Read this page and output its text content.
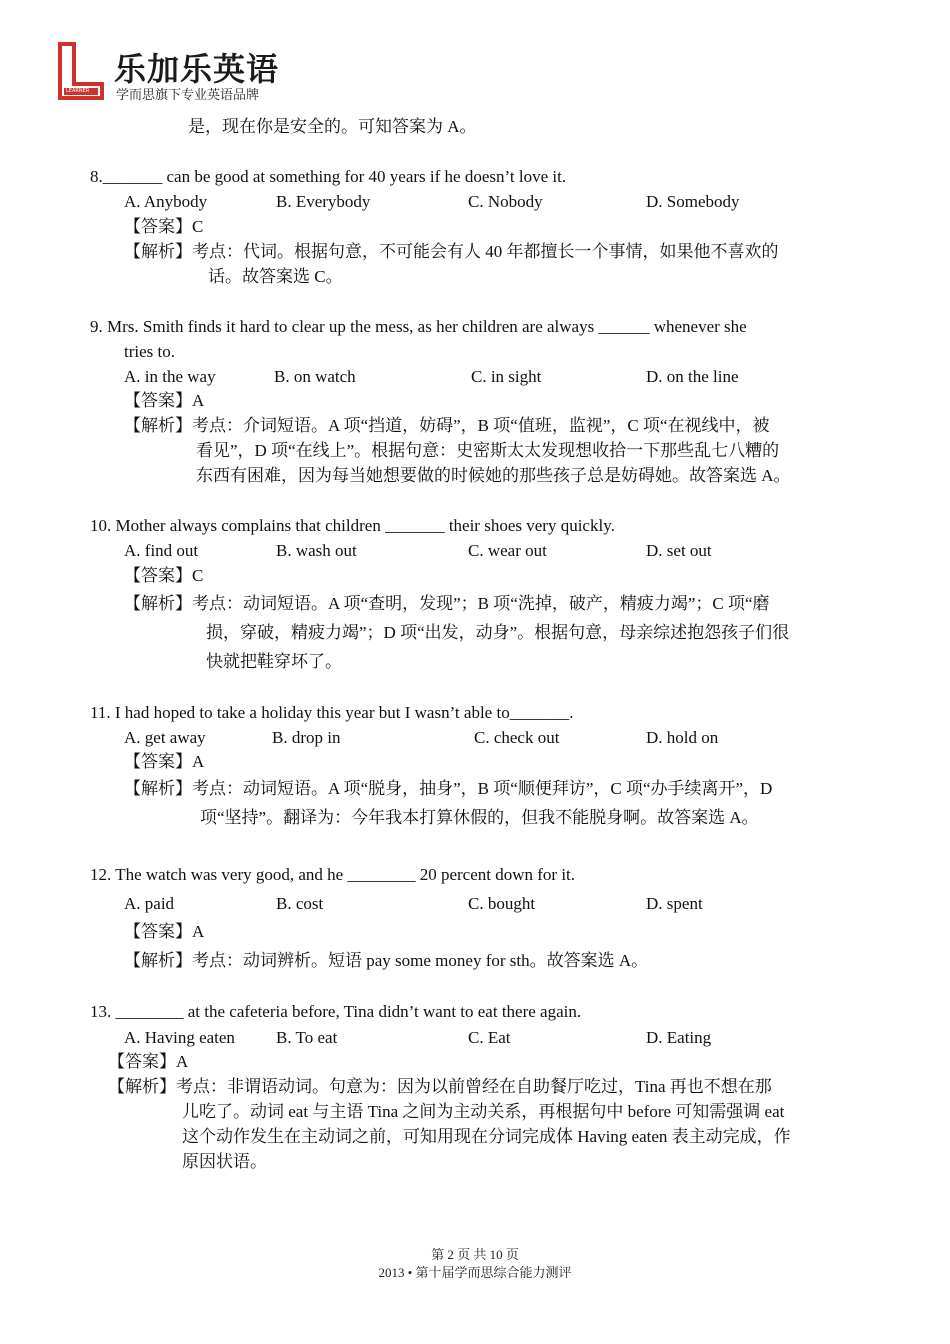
LEARNER
乐加乐英语
学而思旗下专业英语品牌
是，现在你是安全的。可知答案为 A。
8._______ can be good at something for 40 years if he doesn’t love it.
A. Anybody	B. Everybody	C. Nobody	D. Somebody
【答案】C
【解析】考点：代词。根据句意，不可能会有人 40 年都擅长一个事情，如果他不喜欢的
话。故答案选 C。
9. Mrs. Smith finds it hard to clear up the mess, as her children are always ______ whenever she
tries to.
A. in the way	B. on watch	C. in sight	D. on the line
【答案】A
【解析】考点：介词短语。A 项“挡道，妨碍”，B 项“值班，监视”，C 项“在视线中，被
看见”，D 项“在线上”。根据句意：史密斯太太发现想收拾一下那些乱七八糟的
东西有困难，因为每当她想要做的时候她的那些孩子总是妨碍她。故答案选 A。
10. Mother always complains that children _______ their shoes very quickly.
A. find out	B. wash out	C. wear out	D. set out
【答案】C
【解析】考点：动词短语。A 项“查明，发现”；B 项“洗掉，破产，精疲力竭”；C 项“磨
损，穿破，精疲力竭”；D 项“出发，动身”。根据句意，母亲综述抱怨孩子们很
快就把鞋穿坏了。
11. I had hoped to take a holiday this year but I wasn’t able to_______.
A. get away	B. drop in	C. check out	D. hold on
【答案】A
【解析】考点：动词短语。A 项“脱身，抽身”，B 项“顺便拜访”，C 项“办手续离开”，D
项“坚持”。翻译为：今年我本打算休假的，但我不能脱身啊。故答案选 A。
12. The watch was very good, and he ________ 20 percent down for it.
A. paid	B. cost	C. bought	D. spent
【答案】A
【解析】考点：动词辨析。短语 pay some money for sth。故答案选 A。
13. ________ at the cafeteria before, Tina didn’t want to eat there again.
A. Having eaten B. To eat	C. Eat	D. Eating
【答案】A
【解析】考点：非谓语动词。句意为：因为以前曾经在自助餐厅吃过，Tina 再也不想在那
儿吃了。动词 eat 与主语 Tina 之间为主动关系，再根据句中 before 可知需强调 eat
这个动作发生在主动词之前，可知用现在分词完成体 Having eaten 表主动完成，作
原因状语。
第 2 页 共 10 页
2013 • 第十届学而思综合能力测评
